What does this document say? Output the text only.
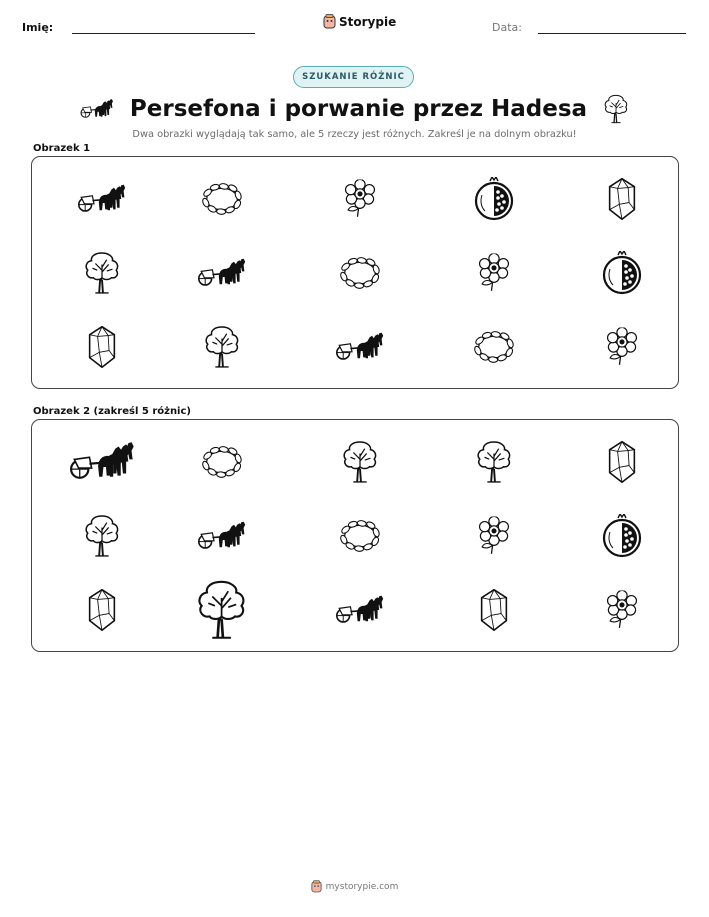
Imię:	Storypie	Data:
SZUKANIE RÓŻNIC
Persefona i porwanie przez Hadesa
Dwa obrazki wyglądają tak samo, ale 5 rzeczy jest różnych. Zakreśl je na dolnym obrazku!
Obrazek 1
Obrazek 2 (zakreśl 5 różnic)
mystorypie.com
